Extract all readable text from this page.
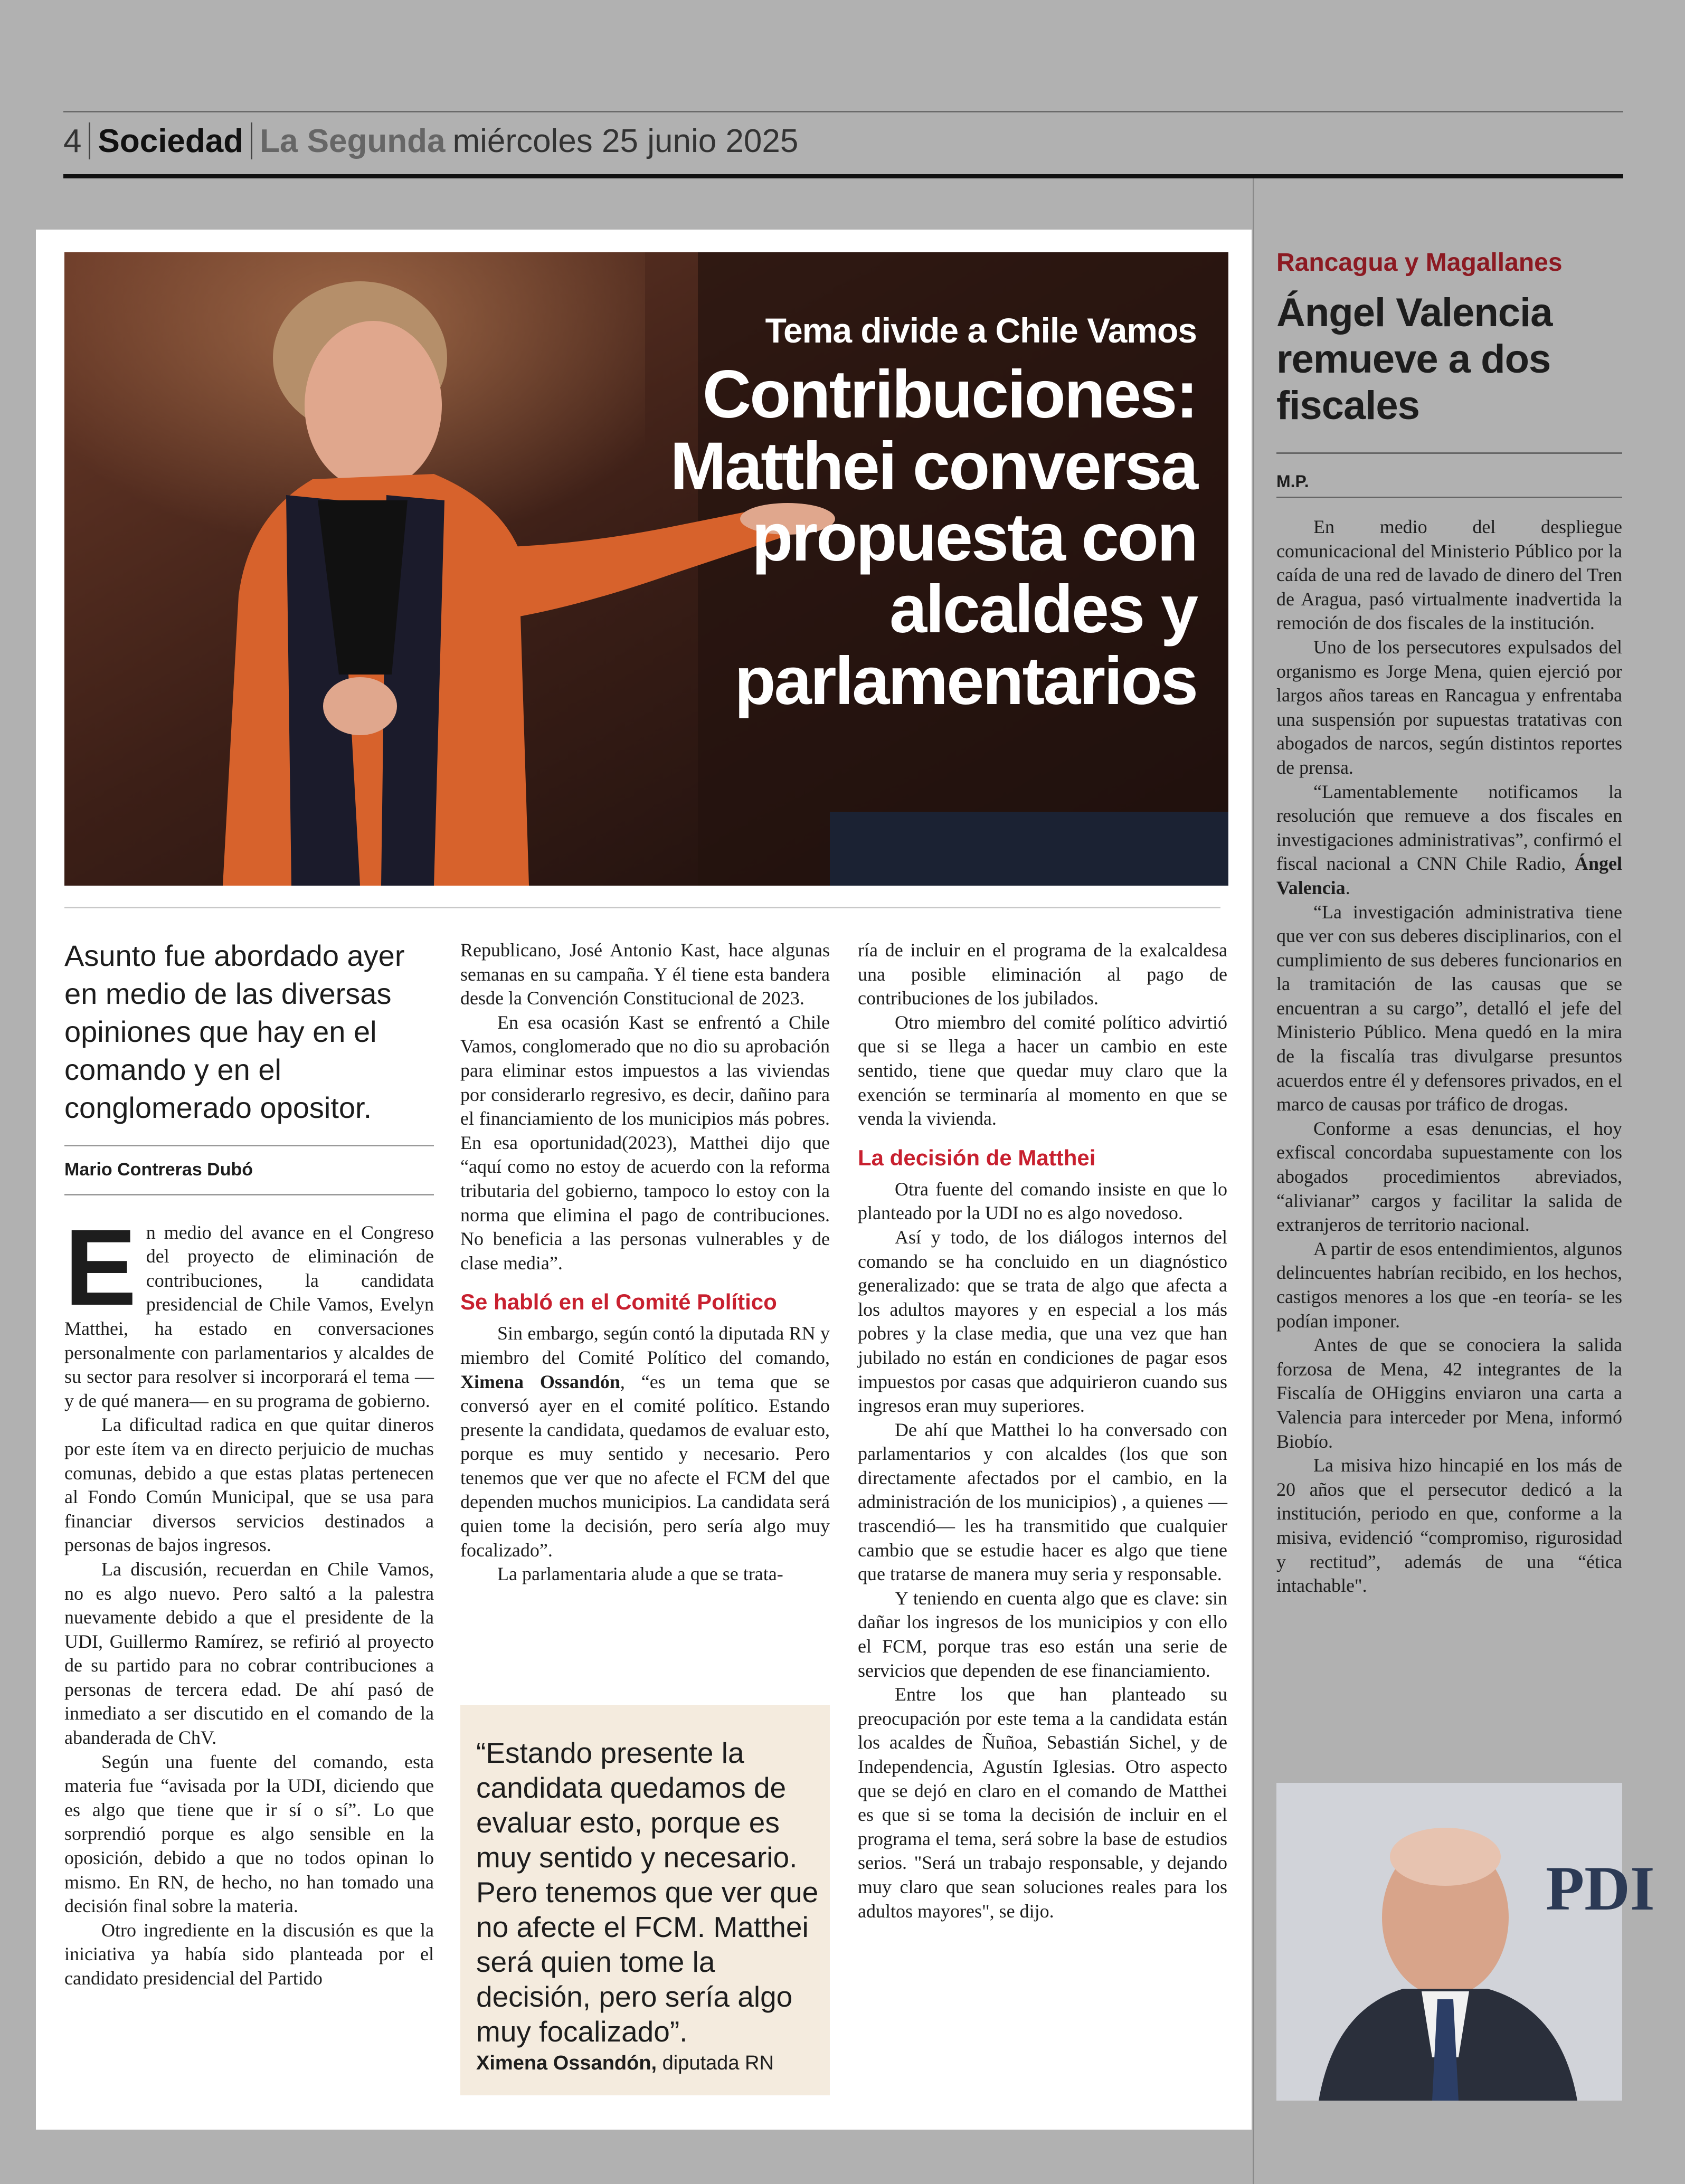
4 Sociedad La Segunda miércoles 25 junio 2025
Tema divide a Chile Vamos
Contribuciones: Matthei conversa propuesta con alcaldes y parlamentarios
Asunto fue abordado ayer en medio de las diversas opiniones que hay en el comando y en el conglomerado opositor.
Mario Contreras Dubó

En medio del avance en el Congreso del proyecto de eliminación de contribuciones, la candidata presidencial de Chile Vamos, Evelyn Matthei, ha estado en conversaciones personalmente con parlamentarios y alcaldes de su sector para resolver si incorporará el tema —y de qué manera— en su programa de gobierno.

La dificultad radica en que quitar dineros por este ítem va en directo perjuicio de muchas comunas, debido a que estas platas pertenecen al Fondo Común Municipal, que se usa para financiar diversos servicios destinados a personas de bajos ingresos.

La discusión, recuerdan en Chile Vamos, no es algo nuevo. Pero saltó a la palestra nuevamente debido a que el presidente de la UDI, Guillermo Ramírez, se refirió al proyecto de su partido para no cobrar contribuciones a personas de tercera edad. De ahí pasó de inmediato a ser discutido en el comando de la abanderada de ChV.

Según una fuente del comando, esta materia fue “avisada por la UDI, diciendo que es algo que tiene que ir sí o sí”. Lo que sorprendió porque es algo sensible en la oposición, debido a que no todos opinan lo mismo. En RN, de hecho, no han tomado una decisión final sobre la materia.

Otro ingrediente en la discusión es que la iniciativa ya había sido planteada por el candidato presidencial del Partido

Republicano, José Antonio Kast, hace algunas semanas en su campaña. Y él tiene esta bandera desde la Convención Constitucional de 2023.

En esa ocasión Kast se enfrentó a Chile Vamos, conglomerado que no dio su aprobación para eliminar estos impuestos a las viviendas por considerarlo regresivo, es decir, dañino para el financiamiento de los municipios más pobres. En esa oportunidad(2023), Matthei dijo que “aquí como no estoy de acuerdo con la reforma tributaria del gobierno, tampoco lo estoy con la norma que elimina el pago de contribuciones. No beneficia a las personas vulnerables y de clase media”.

Se habló en el Comité Político

Sin embargo, según contó la diputada RN y miembro del Comité Político del comando, Ximena Ossandón, “es un tema que se conversó ayer en el comité político. Estando presente la candidata, quedamos de evaluar esto, porque es muy sentido y necesario. Pero tenemos que ver que no afecte el FCM del que dependen muchos municipios. La candidata será quien tome la decisión, pero sería algo muy focalizado”.

La parlamentaria alude a que se trata-

“Estando presente la candidata quedamos de evaluar esto, porque es muy sentido y necesario. Pero tenemos que ver que no afecte el FCM. Matthei será quien tome la decisión, pero sería algo muy focalizado”.
Ximena Ossandón, diputada RN

ría de incluir en el programa de la exalcaldesa una posible eliminación al pago de contribuciones de los jubilados.

Otro miembro del comité político advirtió que si se llega a hacer un cambio en este sentido, tiene que quedar muy claro que la exención se terminaría al momento en que se venda la vivienda.

La decisión de Matthei

Otra fuente del comando insiste en que lo planteado por la UDI no es algo novedoso.

Así y todo, de los diálogos internos del comando se ha concluido en un diagnóstico generalizado: que se trata de algo que afecta a los adultos mayores y en especial a los más pobres y la clase media, que una vez que han jubilado no están en condiciones de pagar esos impuestos por casas que adquirieron cuando sus ingresos eran muy superiores.

De ahí que Matthei lo ha conversado con parlamentarios y con alcaldes (los que son directamente afectados por el cambio, en la administración de los municipios) , a quienes —trascendió— les ha transmitido que cualquier cambio que se estudie hacer es algo que tiene que tratarse de manera muy seria y responsable.

Y teniendo en cuenta algo que es clave: sin dañar los ingresos de los municipios y con ello el FCM, porque tras eso están una serie de servicios que dependen de ese financiamiento.

Entre los que han planteado su preocupación por este tema a la candidata están los acaldes de Ñuñoa, Sebastián Sichel, y de Independencia, Agustín Iglesias. Otro aspecto que se dejó en claro en el comando de Matthei es que si se toma la decisión de incluir en el programa el tema, será sobre la base de estudios serios. "Será un trabajo responsable, y dejando muy claro que sean soluciones reales para los adultos mayores", se dijo.

Rancagua y Magallanes
Ángel Valencia remueve a dos fiscales
M.P.

En medio del despliegue comunicacional del Ministerio Público por la caída de una red de lavado de dinero del Tren de Aragua, pasó virtualmente inadvertida la remoción de dos fiscales de la institución.

Uno de los persecutores expulsados del organismo es Jorge Mena, quien ejerció por largos años tareas en Rancagua y enfrentaba una suspensión por supuestas tratativas con abogados de narcos, según distintos reportes de prensa.

“Lamentablemente notificamos la resolución que remueve a dos fiscales en investigaciones administrativas”, confirmó el fiscal nacional a CNN Chile Radio, Ángel Valencia.

“La investigación administrativa tiene que ver con sus deberes disciplinarios, con el cumplimiento de sus deberes funcionarios en la tramitación de las causas que se encuentran a su cargo”, detalló el jefe del Ministerio Público. Mena quedó en la mira de la fiscalía tras divulgarse presuntos acuerdos entre él y defensores privados, en el marco de causas por tráfico de drogas.

Conforme a esas denuncias, el hoy exfiscal concordaba supuestamente con los abogados procedimientos abreviados, “alivianar” cargos y facilitar la salida de extranjeros de territorio nacional.

A partir de esos entendimientos, algunos delincuentes habrían recibido, en los hechos, castigos menores a los que -en teoría- se les podían imponer.

Antes de que se conociera la salida forzosa de Mena, 42 integrantes de la Fiscalía de OHiggins enviaron una carta a Valencia para interceder por Mena, informó Biobío.

La misiva hizo hincapié en los más de 20 años que el persecutor dedicó a la institución, periodo en que, conforme a la misiva, evidenció “compromiso, rigurosidad y rectitud”, además de una “ética intachable".

PDI
